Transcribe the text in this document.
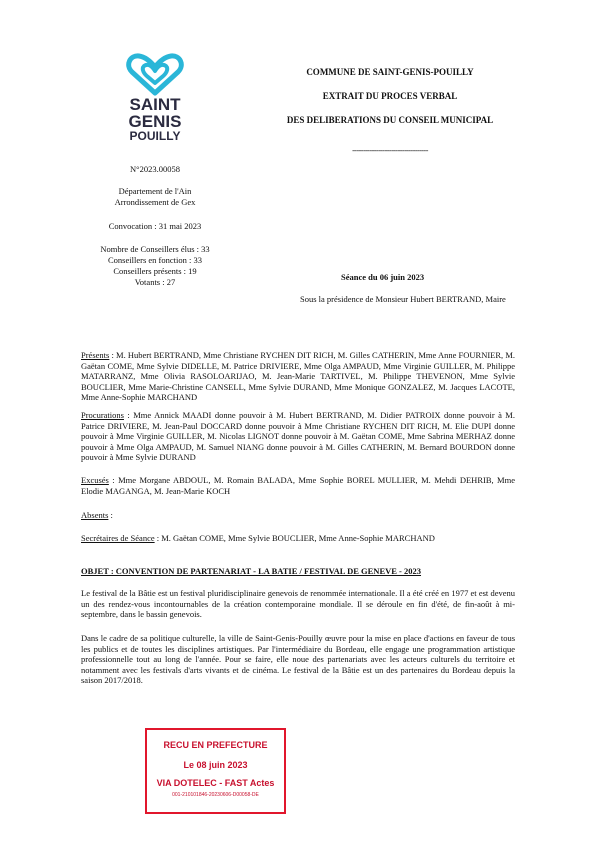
SAINT
GENIS
POUILLY
COMMUNE DE SAINT-GENIS-POUILLY
EXTRAIT DU PROCES VERBAL
DES DELIBERATIONS DU CONSEIL MUNICIPAL
-----------------------------------
N°2023.00058
Département de l'Ain
Arrondissement de Gex
Convocation : 31 mai 2023
Nombre de Conseillers élus : 33
Conseillers en fonction : 33
Conseillers présents : 19
Votants : 27	Séance du 06 juin 2023
Sous la présidence de Monsieur Hubert BERTRAND, Maire
Présents : M. Hubert BERTRAND, Mme Christiane RYCHEN DIT RICH, M. Gilles CATHERIN, Mme Anne FOURNIER, M. Gaëtan COME, Mme Sylvie DIDELLE, M. Patrice DRIVIERE, Mme Olga AMPAUD, Mme Virginie GUILLER, M. Philippe MATARRANZ, Mme Olivia RASOLOARIJAO, M. Jean-Marie TARTIVEL, M. Philippe THEVENON, Mme Sylvie BOUCLIER, Mme Marie-Christine CANSELL, Mme Sylvie DURAND, Mme Monique GONZALEZ, M. Jacques LACOTE, Mme Anne-Sophie MARCHAND
Procurations : Mme Annick MAADI donne pouvoir à M. Hubert BERTRAND, M. Didier PATROIX donne pouvoir à M. Patrice DRIVIERE, M. Jean-Paul DOCCARD donne pouvoir à Mme Christiane RYCHEN DIT RICH, M. Elie DUPI donne pouvoir à Mme Virginie GUILLER, M. Nicolas LIGNOT donne pouvoir à M. Gaëtan COME, Mme Sabrina MERHAZ donne pouvoir à Mme Olga AMPAUD, M. Samuel NIANG donne pouvoir à M. Gilles CATHERIN, M. Bernard BOURDON donne pouvoir à Mme Sylvie DURAND
Excusés : Mme Morgane ABDOUL, M. Romain BALADA, Mme Sophie BOREL MULLIER, M. Mehdi DEHRIB, Mme Elodie MAGANGA, M. Jean-Marie KOCH
Absents :
Secrétaires de Séance : M. Gaëtan COME, Mme Sylvie BOUCLIER, Mme Anne-Sophie MARCHAND
OBJET : CONVENTION DE PARTENARIAT - LA BATIE / FESTIVAL DE GENEVE - 2023
Le festival de la Bâtie est un festival pluridisciplinaire genevois de renommée internationale. Il a été créé en 1977 et est devenu un des rendez-vous incontournables de la création contemporaine mondiale. Il se déroule en fin d'été, de fin-août à mi-septembre, dans le bassin genevois.
Dans le cadre de sa politique culturelle, la ville de Saint-Genis-Pouilly œuvre pour la mise en place d'actions en faveur de tous les publics et de toutes les disciplines artistiques. Par l'intermédiaire du Bordeau, elle engage une programmation artistique professionnelle tout au long de l'année. Pour se faire, elle noue des partenariats avec les acteurs culturels du territoire et notamment avec les festivals d'arts vivants et de cinéma. Le festival de la Bâtie est un des partenaires du Bordeau depuis la saison 2017/2018.
RECU EN PREFECTURE
Le 08 juin 2023
VIA DOTELEC - FAST Actes
001-210101846-20230606-D00058-DE
